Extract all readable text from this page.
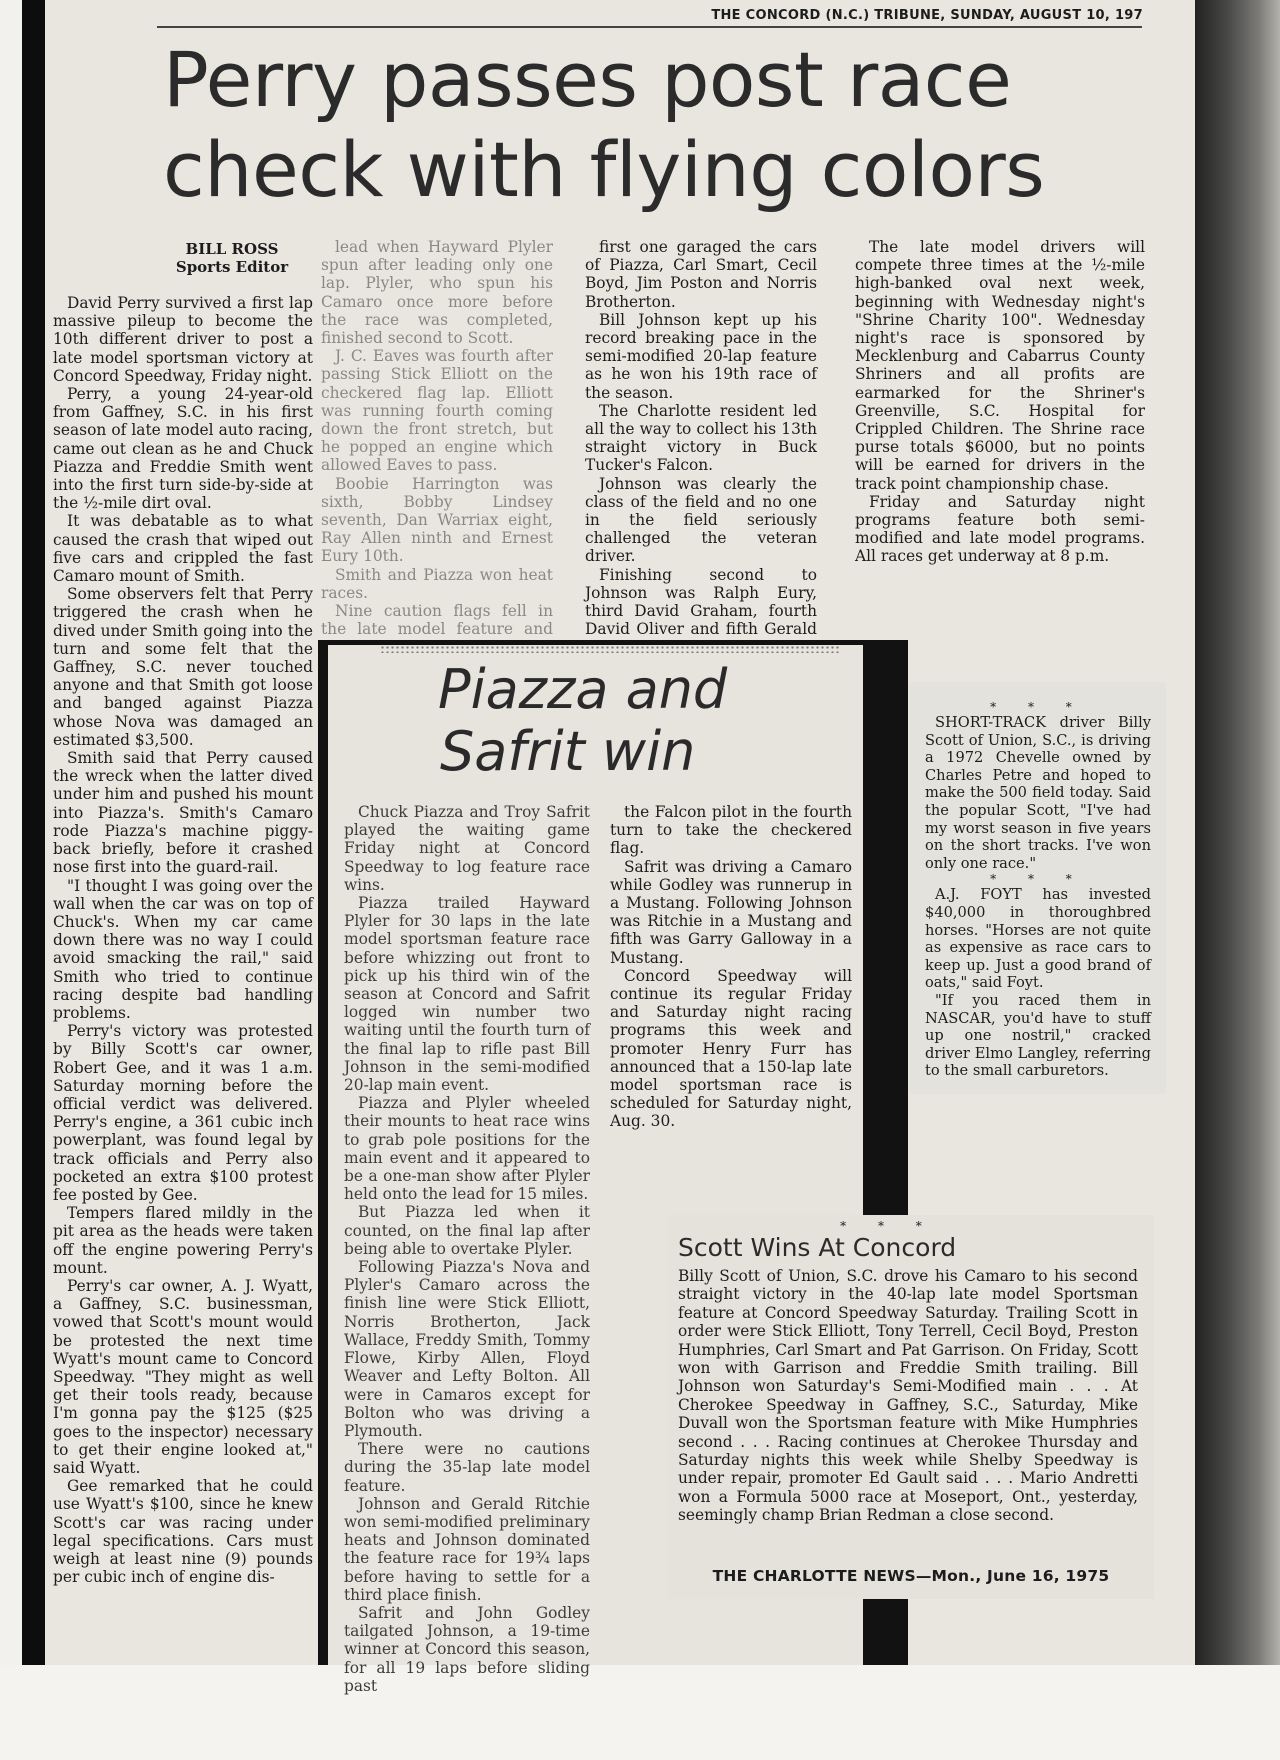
THE CONCORD (N.C.) TRIBUNE, SUNDAY, AUGUST 10, 197
Perry passes post race
check with flying colors
BILL ROSS
Sports Editor

David Perry survived a first lap massive pileup to become the 10th different driver to post a late model sportsman victory at Concord Speedway, Friday night.

Perry, a young 24-year-old from Gaffney, S.C. in his first season of late model auto racing, came out clean as he and Chuck Piazza and Freddie Smith went into the first turn side-by-side at the ½-mile dirt oval.

It was debatable as to what caused the crash that wiped out five cars and crippled the fast Camaro mount of Smith.

Some observers felt that Perry triggered the crash when he dived under Smith going into the turn and some felt that the Gaffney, S.C. never touched anyone and that Smith got loose and banged against Piazza whose Nova was damaged an estimated $3,500.

Smith said that Perry caused the wreck when the latter dived under him and pushed his mount into Piazza's. Smith's Camaro rode Piazza's machine piggy-back briefly, before it crashed nose first into the guard-rail.

"I thought I was going over the wall when the car was on top of Chuck's. When my car came down there was no way I could avoid smacking the rail," said Smith who tried to continue racing despite bad handling problems.

Perry's victory was protested by Billy Scott's car owner, Robert Gee, and it was 1 a.m. Saturday morning before the official verdict was delivered. Perry's engine, a 361 cubic inch powerplant, was found legal by track officials and Perry also pocketed an extra $100 protest fee posted by Gee.

Tempers flared mildly in the pit area as the heads were taken off the engine powering Perry's mount.

Perry's car owner, A. J. Wyatt, a Gaffney, S.C. businessman, vowed that Scott's mount would be protested the next time Wyatt's mount came to Concord Speedway. "They might as well get their tools ready, because I'm gonna pay the $125 ($25 goes to the inspector) necessary to get their engine looked at," said Wyatt.

Gee remarked that he could use Wyatt's $100, since he knew Scott's car was racing under legal specifications. Cars must weigh at least nine (9) pounds per cubic inch of engine dis-

lead when Hayward Plyler spun after leading only one lap. Plyler, who spun his Camaro once more before the race was completed, finished second to Scott.

J. C. Eaves was fourth after passing Stick Elliott on the checkered flag lap. Elliott was running fourth coming down the front stretch, but he popped an engine which allowed Eaves to pass.

Boobie Harrington was sixth, Bobby Lindsey seventh, Dan Warriax eight, Ray Allen ninth and Ernest Eury 10th.

Smith and Piazza won heat races.

Nine caution flags fell in the late model feature and

first one garaged the cars of Piazza, Carl Smart, Cecil Boyd, Jim Poston and Norris Brotherton.

Bill Johnson kept up his record breaking pace in the semi-modified 20-lap feature as he won his 19th race of the season.

The Charlotte resident led all the way to collect his 13th straight victory in Buck Tucker's Falcon.

Johnson was clearly the class of the field and no one in the field seriously challenged the veteran driver.

Finishing second to Johnson was Ralph Eury, third David Graham, fourth David Oliver and fifth Gerald

The late model drivers will compete three times at the ½-mile high-banked oval next week, beginning with Wednesday night's "Shrine Charity 100". Wednesday night's race is sponsored by Mecklenburg and Cabarrus County Shriners and all profits are earmarked for the Shriner's Greenville, S.C. Hospital for Crippled Children. The Shrine race purse totals $6000, but no points will be earned for drivers in the track point championship chase.

Friday and Saturday night programs feature both semi-modified and late model programs. All races get underway at 8 p.m.

Piazza and
Safrit win

Chuck Piazza and Troy Safrit played the waiting game Friday night at Concord Speedway to log feature race wins.

Piazza trailed Hayward Plyler for 30 laps in the late model sportsman feature race before whizzing out front to pick up his third win of the season at Concord and Safrit logged win number two waiting until the fourth turn of the final lap to rifle past Bill Johnson in the semi-modified 20-lap main event.

Piazza and Plyler wheeled their mounts to heat race wins to grab pole positions for the main event and it appeared to be a one-man show after Plyler held onto the lead for 15 miles.

But Piazza led when it counted, on the final lap after being able to overtake Plyler.

Following Piazza's Nova and Plyler's Camaro across the finish line were Stick Elliott, Norris Brotherton, Jack Wallace, Freddy Smith, Tommy Flowe, Kirby Allen, Floyd Weaver and Lefty Bolton. All were in Camaros except for Bolton who was driving a Plymouth.

There were no cautions during the 35-lap late model feature.

Johnson and Gerald Ritchie won semi-modified preliminary heats and Johnson dominated the feature race for 19¾ laps before having to settle for a third place finish.

Safrit and John Godley tailgated Johnson, a 19-time winner at Concord this season, for all 19 laps before sliding past

the Falcon pilot in the fourth turn to take the checkered flag.

Safrit was driving a Camaro while Godley was runnerup in a Mustang. Following Johnson was Ritchie in a Mustang and fifth was Garry Galloway in a Mustang.

Concord Speedway will continue its regular Friday and Saturday night racing programs this week and promoter Henry Furr has announced that a 150-lap late model sportsman race is scheduled for Saturday night, Aug. 30.

* * *

SHORT-TRACK driver Billy Scott of Union, S.C., is driving a 1972 Chevelle owned by Charles Petre and hoped to make the 500 field today. Said the popular Scott, "I've had my worst season in five years on the short tracks. I've won only one race."

* * *

A.J. FOYT has invested $40,000 in thoroughbred horses. "Horses are not quite as expensive as race cars to keep up. Just a good brand of oats," said Foyt.

"If you raced them in NASCAR, you'd have to stuff up one nostril," cracked driver Elmo Langley, referring to the small carburetors.

* * *
Scott Wins At Concord
Billy Scott of Union, S.C. drove his Camaro to his second straight victory in the 40-lap late model Sportsman feature at Concord Speedway Saturday. Trailing Scott in order were Stick Elliott, Tony Terrell, Cecil Boyd, Preston Humphries, Carl Smart and Pat Garrison. On Friday, Scott won with Garrison and Freddie Smith trailing. Bill Johnson won Saturday's Semi-Modified main . . . At Cherokee Speedway in Gaffney, S.C., Saturday, Mike Duvall won the Sportsman feature with Mike Humphries second . . . Racing continues at Cherokee Thursday and Saturday nights this week while Shelby Speedway is under repair, promoter Ed Gault said . . . Mario Andretti won a Formula 5000 race at Moseport, Ont., yesterday, seemingly champ Brian Redman a close second.
THE CHARLOTTE NEWS—Mon., June 16, 1975
